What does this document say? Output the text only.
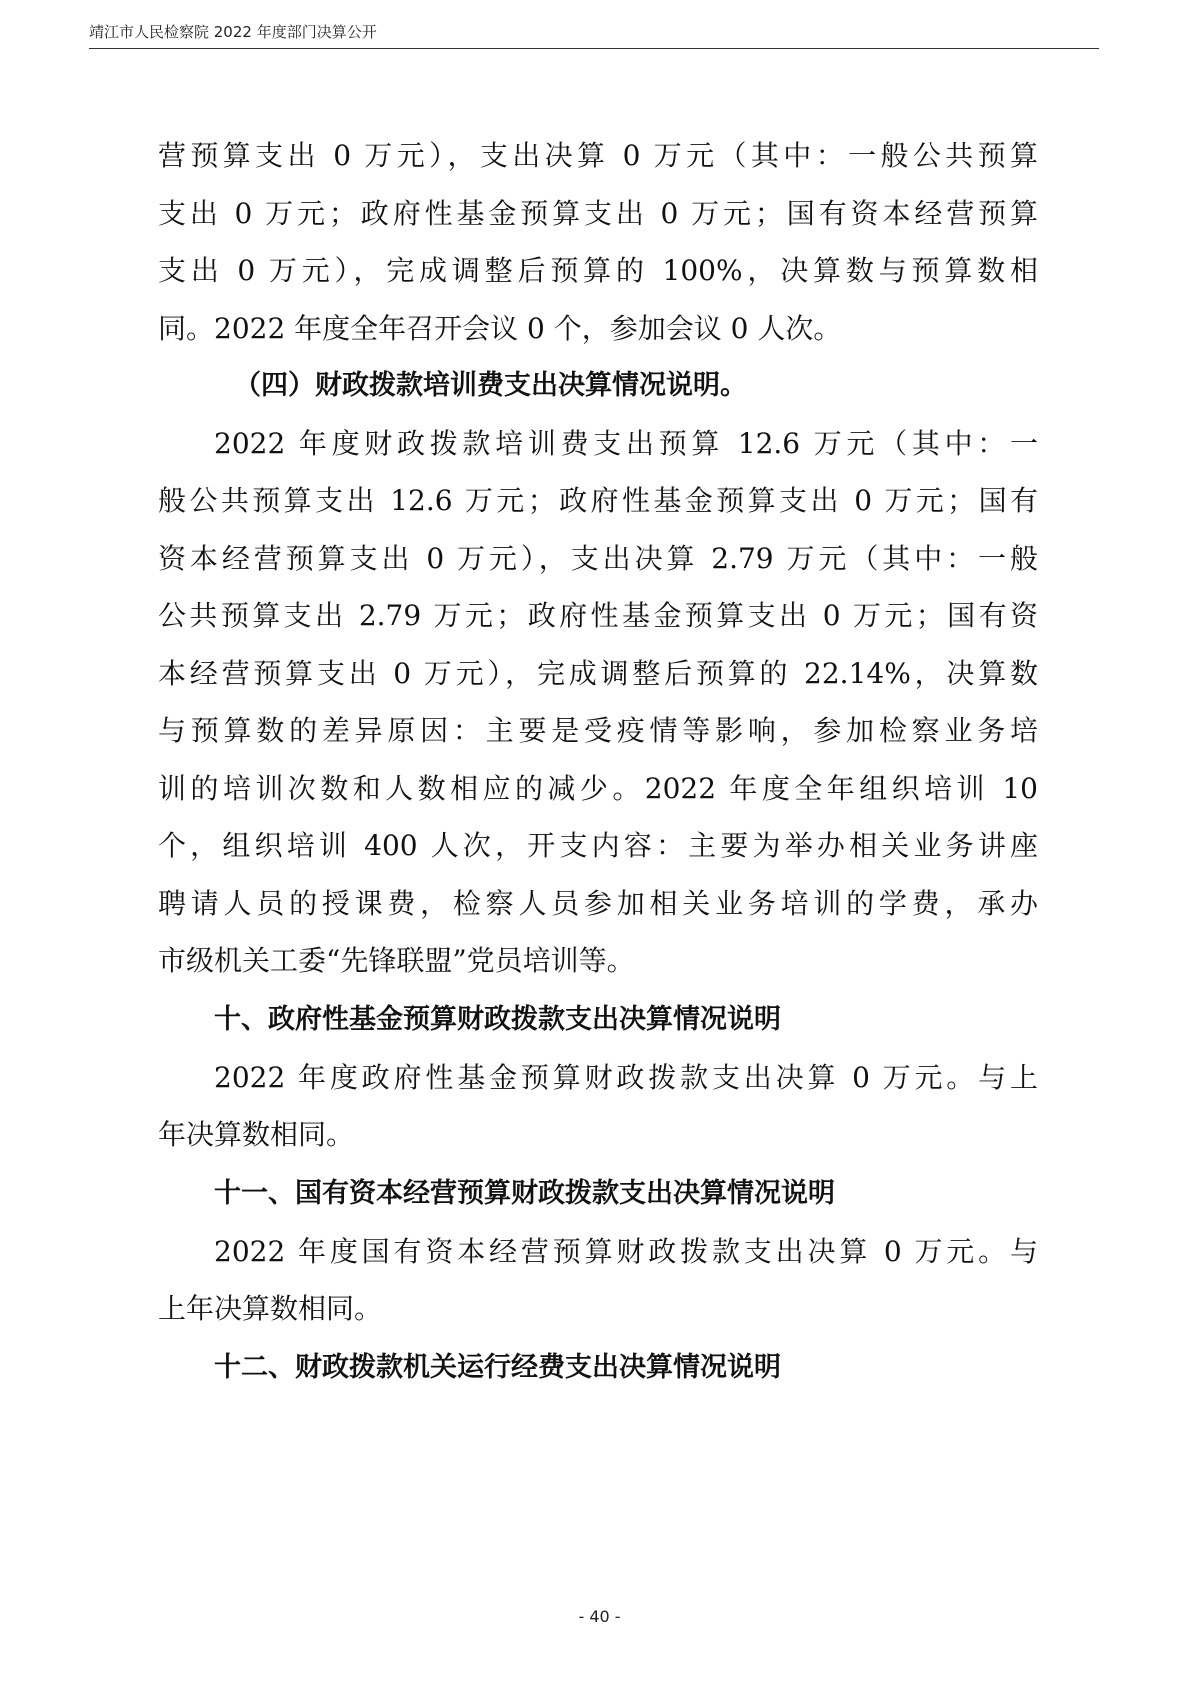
靖江市人民检察院 2022 年度部门决算公开
营预算支出 0 万元），支出决算 0 万元（其中：一般公共预算
支出 0 万元；政府性基金预算支出 0 万元；国有资本经营预算
支出 0 万元），完成调整后预算的 100%，决算数与预算数相
同。2022 年度全年召开会议 0 个，参加会议 0 人次。
（四）财政拨款培训费支出决算情况说明。
2022 年度财政拨款培训费支出预算 12.6 万元（其中：一
般公共预算支出 12.6 万元；政府性基金预算支出 0 万元；国有
资本经营预算支出 0 万元），支出决算 2.79 万元（其中：一般
公共预算支出 2.79 万元；政府性基金预算支出 0 万元；国有资
本经营预算支出 0 万元），完成调整后预算的 22.14%，决算数
与预算数的差异原因：主要是受疫情等影响，参加检察业务培
训的培训次数和人数相应的减少。2022 年度全年组织培训 10
个，组织培训 400 人次，开支内容：主要为举办相关业务讲座
聘请人员的授课费，检察人员参加相关业务培训的学费，承办
市级机关工委“先锋联盟”党员培训等。
十、政府性基金预算财政拨款支出决算情况说明
2022 年度政府性基金预算财政拨款支出决算 0 万元。与上
年决算数相同。
十一、国有资本经营预算财政拨款支出决算情况说明
2022 年度国有资本经营预算财政拨款支出决算 0 万元。与
上年决算数相同。
十二、财政拨款机关运行经费支出决算情况说明
- 40 -
